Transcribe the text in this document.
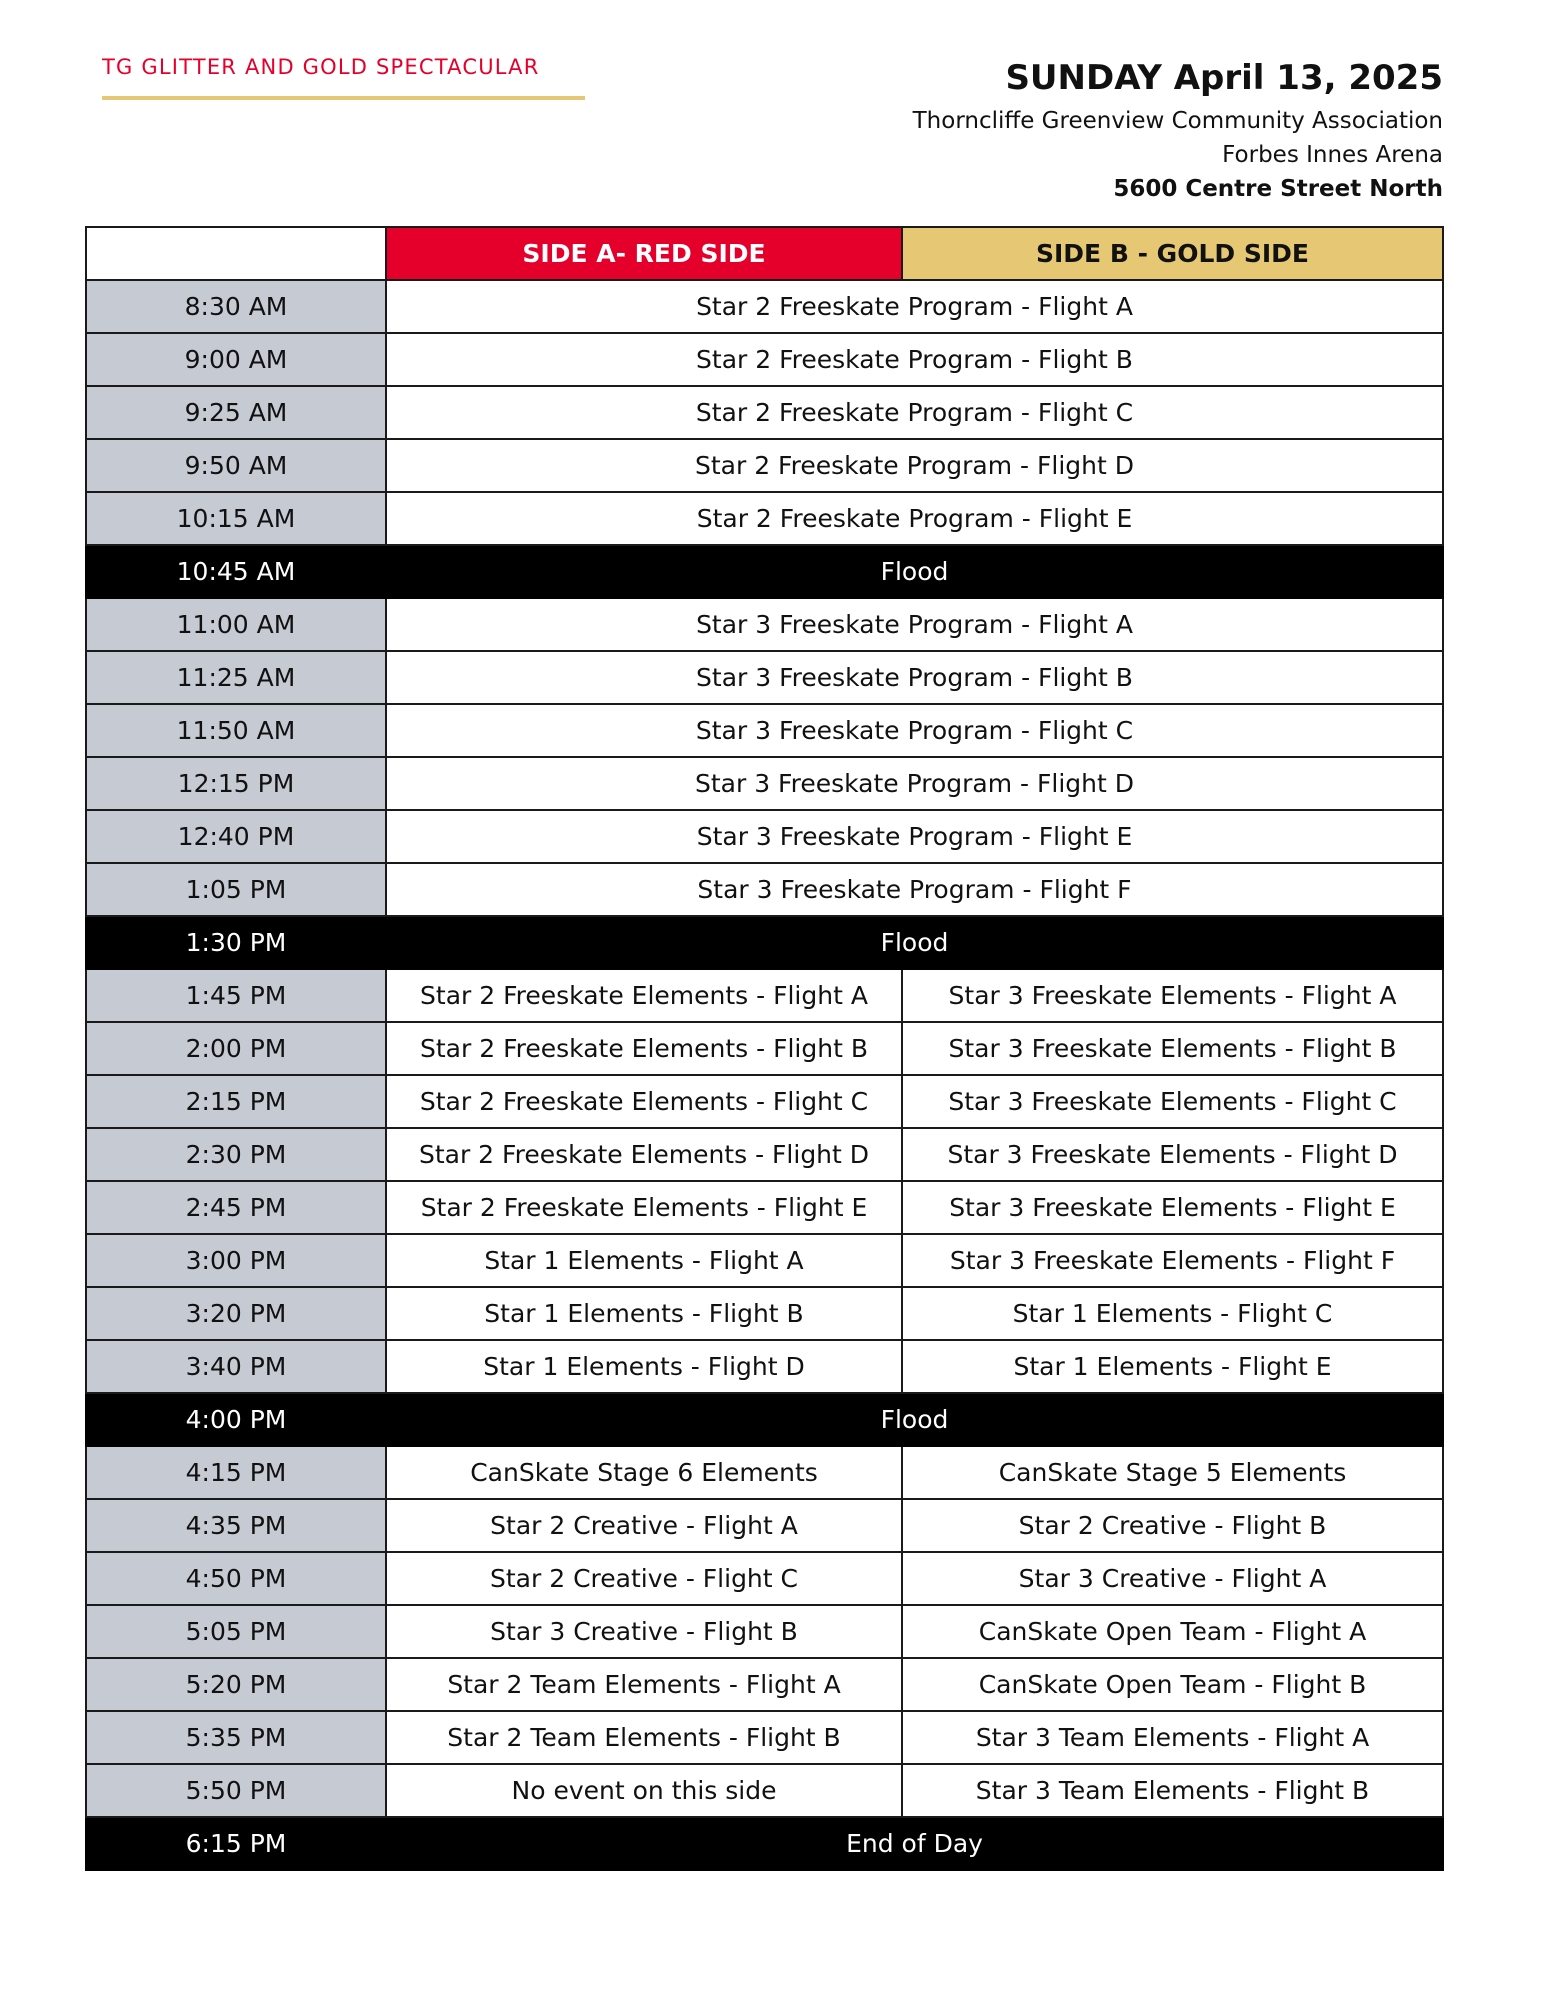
TG GLITTER AND GOLD SPECTACULAR	SUNDAY April 13, 2025
Thorncliffe Greenview Community Association
Forbes Innes Arena
5600 Centre Street North
	SIDE A- RED SIDE	SIDE B - GOLD SIDE
8:30 AM	Star 2 Freeskate Program - Flight A	
9:00 AM	Star 2 Freeskate Program - Flight B	
9:25 AM	Star 2 Freeskate Program - Flight C	
9:50 AM	Star 2 Freeskate Program - Flight D	
10:15 AM	Star 2 Freeskate Program - Flight E	
10:45 AM	Flood	
11:00 AM	Star 3 Freeskate Program - Flight A	
11:25 AM	Star 3 Freeskate Program - Flight B	
11:50 AM	Star 3 Freeskate Program - Flight C	
12:15 PM	Star 3 Freeskate Program - Flight D	
12:40 PM	Star 3 Freeskate Program - Flight E	
1:05 PM	Star 3 Freeskate Program - Flight F	
1:30 PM	Flood	
1:45 PM	Star 2 Freeskate Elements - Flight A	Star 3 Freeskate Elements - Flight A
2:00 PM	Star 2 Freeskate Elements - Flight B	Star 3 Freeskate Elements - Flight B
2:15 PM	Star 2 Freeskate Elements - Flight C	Star 3 Freeskate Elements - Flight C
2:30 PM	Star 2 Freeskate Elements - Flight D	Star 3 Freeskate Elements - Flight D
2:45 PM	Star 2 Freeskate Elements - Flight E	Star 3 Freeskate Elements - Flight E
3:00 PM	Star 1 Elements - Flight A	Star 3 Freeskate Elements - Flight F
3:20 PM	Star 1 Elements - Flight B	Star 1 Elements - Flight C
3:40 PM	Star 1 Elements - Flight D	Star 1 Elements - Flight E
4:00 PM	Flood	
4:15 PM	CanSkate Stage 6 Elements	CanSkate Stage 5 Elements
4:35 PM	Star 2 Creative - Flight A	Star 2 Creative - Flight B
4:50 PM	Star 2 Creative - Flight C	Star 3 Creative - Flight A
5:05 PM	Star 3 Creative - Flight B	CanSkate Open Team - Flight A
5:20 PM	Star 2 Team Elements - Flight A	CanSkate Open Team - Flight B
5:35 PM	Star 2 Team Elements - Flight B	Star 3 Team Elements - Flight A
5:50 PM	No event on this side	Star 3 Team Elements - Flight B
6:15 PM	End of Day	
